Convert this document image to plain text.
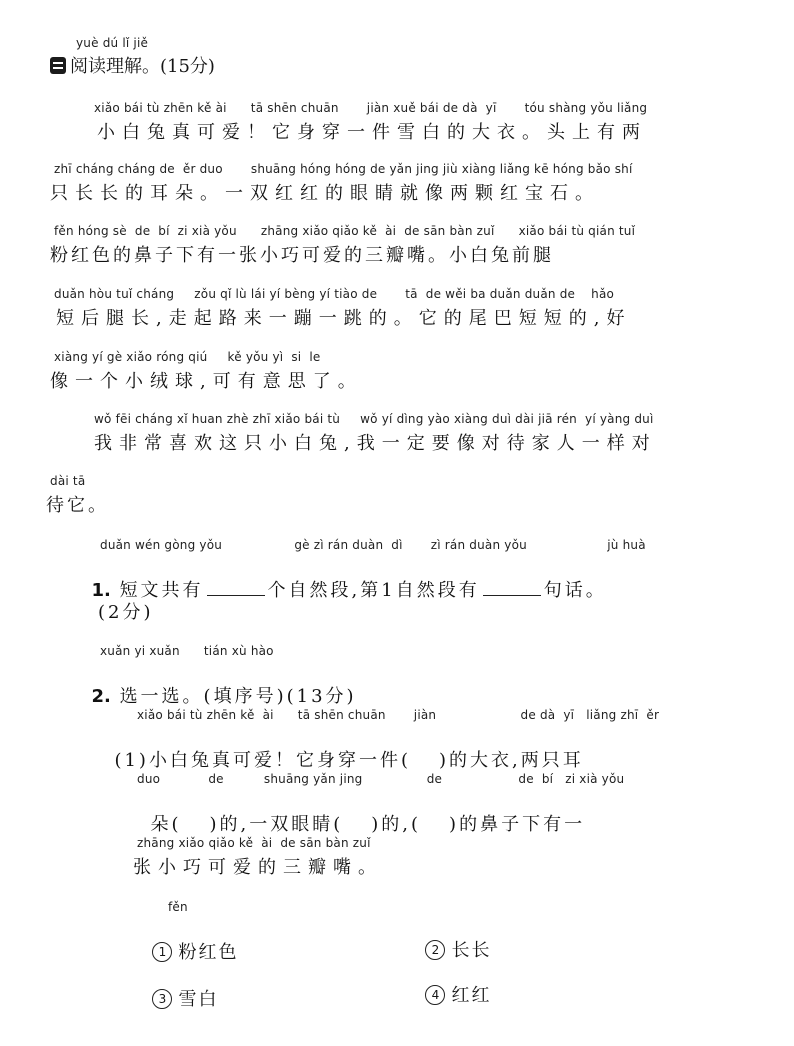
yuè dú lǐ jiě
阅读理解。(15分)
xiǎo bái tù zhēn kě ài      tā shēn chuān       jiàn xuě bái de dà  yī       tóu shàng yǒu liǎng
小白兔真可爱！它身穿一件雪白的大衣。头上有两
zhī cháng cháng de  ěr duo       shuāng hóng hóng de yǎn jing jiù xiàng liǎng kē hóng bǎo shí
只长长的耳朵。一双红红的眼睛就像两颗红宝石。
fěn hóng sè  de  bí  zi xià yǒu      zhāng xiǎo qiǎo kě  ài  de sān bàn zuǐ      xiǎo bái tù qián tuǐ
粉红色的鼻子下有一张小巧可爱的三瓣嘴。小白兔前腿
duǎn hòu tuǐ cháng     zǒu qǐ lù lái yí bèng yí tiào de       tā  de wěi ba duǎn duǎn de    hǎo
短后腿长,走起路来一蹦一跳的。它的尾巴短短的,好
xiàng yí gè xiǎo róng qiú     kě yǒu yì  si  le
像一个小绒球,可有意思了。
wǒ fēi cháng xǐ huan zhè zhī xiǎo bái tù     wǒ yí dìng yào xiàng duì dài jiā rén  yí yàng duì
我非常喜欢这只小白兔,我一定要像对待家人一样对
dài tā
待它。
duǎn wén gòng yǒu                  gè zì rán duàn  dì       zì rán duàn yǒu                    jù huà

1. 短文共有	个自然段,第1自然段有	句话。

(2分)
xuǎn yi xuǎn      tián xù hào

2. 选一选。(填序号)(13分)

xiǎo bái tù zhēn kě  ài      tā shēn chuān       jiàn                     de dà  yī   liǎng zhī  ěr

(1)小白兔真可爱！它身穿一件( )的大衣,两只耳

duo            de          shuāng yǎn jing                de                   de  bí   zi xià yǒu

朵( )的,一双眼睛( )的,( )的鼻子下有一

zhāng xiǎo qiǎo kě  ài  de sān bàn zuǐ
张小巧可爱的三瓣嘴。
fěn

1 粉红色	2 长长

3 雪白	4 红红
